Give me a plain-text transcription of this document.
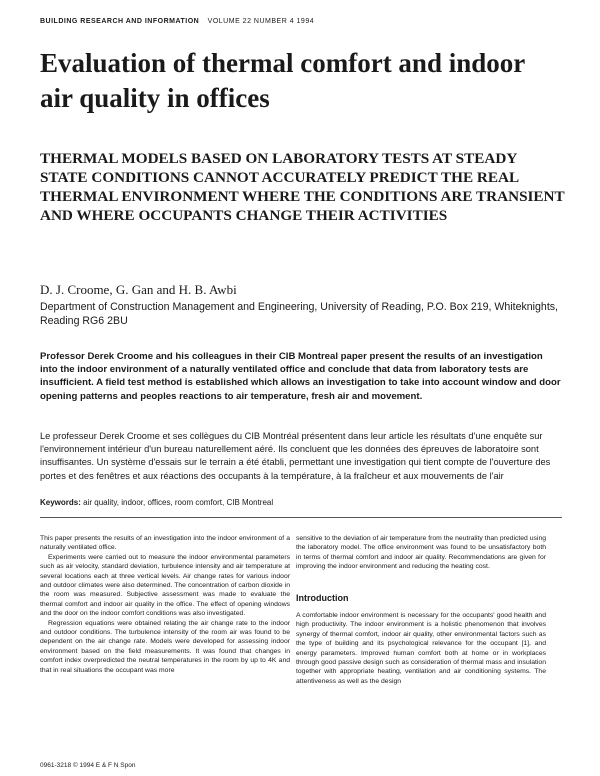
BUILDING RESEARCH AND INFORMATION VOLUME 22 NUMBER 4 1994
Evaluation of thermal comfort and indoor air quality in offices
THERMAL MODELS BASED ON LABORATORY TESTS AT STEADY STATE CONDITIONS CANNOT ACCURATELY PREDICT THE REAL THERMAL ENVIRONMENT WHERE THE CONDITIONS ARE TRANSIENT AND WHERE OCCUPANTS CHANGE THEIR ACTIVITIES
D. J. Croome, G. Gan and H. B. Awbi
Department of Construction Management and Engineering, University of Reading, P.O. Box 219, Whiteknights, Reading RG6 2BU

Professor Derek Croome and his colleagues in their CIB Montreal paper present the results of an investigation into the indoor environment of a naturally ventilated office and conclude that data from laboratory tests are insufficient. A field test method is established which allows an investigation to take into account window and door opening patterns and peoples reactions to air temperature, fresh air and movement.

Le professeur Derek Croome et ses collègues du CIB Montréal présentent dans leur article les résultats d'une enquête sur l'environnement intérieur d'un bureau naturellement aéré. Ils concluent que les données des épreuves de laboratoire sont insuffisantes. Un système d'essais sur le terrain a été établi, permettant une investigation qui tient compte de l'ouverture des portes et des fenêtres et aux réactions des occupants à la température, à la fraîcheur et aux mouvements de l'air

Keywords: air quality, indoor, offices, room comfort, CIB Montreal

This paper presents the results of an investigation into the indoor environment of a naturally ventilated office.

Experiments were carried out to measure the indoor environmental parameters such as air velocity, standard deviation, turbulence intensity and air temperature at several locations each at three vertical levels. Air change rates for various indoor and outdoor climates were also determined. The concentration of carbon dioxide in the room was measured. Subjective assessment was made to evaluate the thermal comfort and indoor air quality in the office. The effect of opening windows and the door on the indoor comfort conditions was also investigated.

Regression equations were obtained relating the air change rate to the indoor and outdoor conditions. The turbulence intensity of the room air was found to be dependent on the air change rate. Models were developed for assessing indoor environment based on the field measurements. It was found that changes in comfort index overpredicted the neutral temperatures in the room by up to 4K and that in real situations the occupant was more

sensitive to the deviation of air temperature from the neutrality than predicted using the laboratory model. The office environment was found to be unsatisfactory both in terms of thermal comfort and indoor air quality. Recommendations are given for improving the indoor environment and reducing the heating cost.

Introduction

A comfortable indoor environment is necessary for the occupants' good health and high productivity. The indoor environment is a holistic phenomenon that involves synergy of thermal comfort, indoor air quality, other environmental factors such as the type of building and its psychological relevance for the occupant [1], and energy parameters. Improved human comfort both at home or in workplaces through good passive design such as consideration of thermal mass and insulation together with appropriate heating, ventilation and air conditioning systems. The attentiveness as well as the design

0961-3218 © 1994 E & F N Spon
